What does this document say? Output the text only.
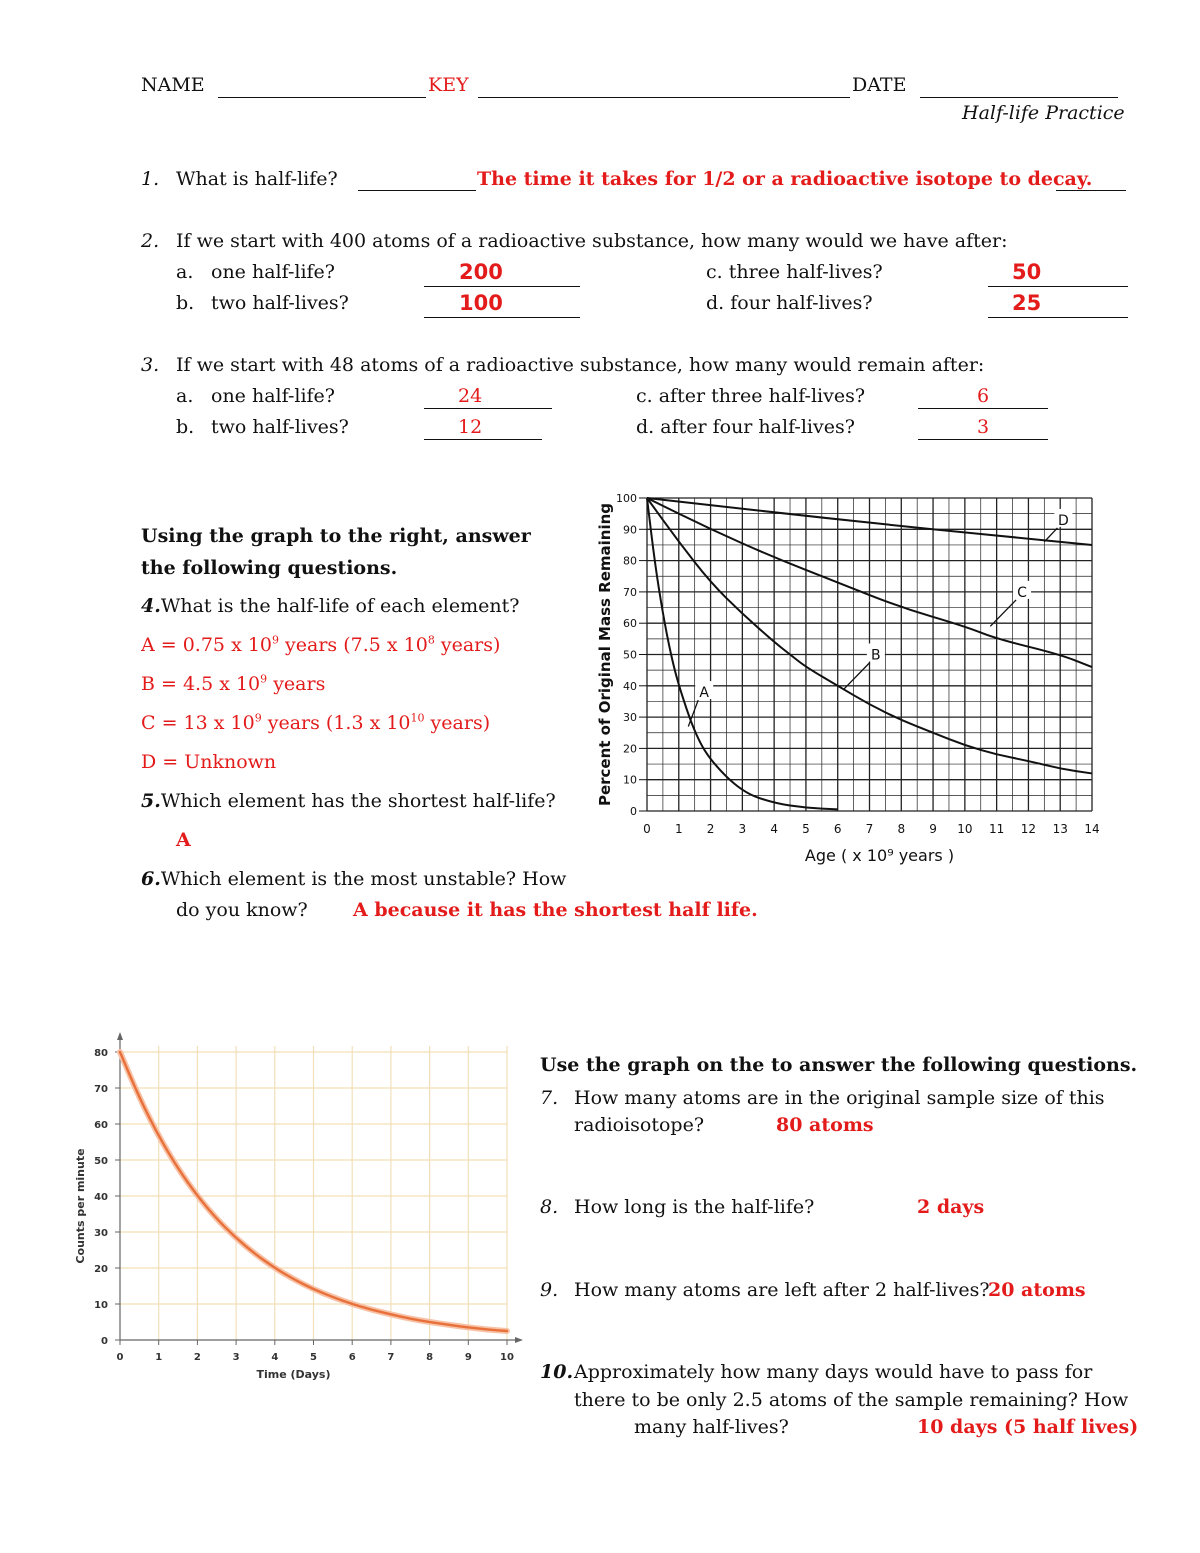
NAME	KEY	DATE
Half-life Practice
1. What is half-life?	The time it takes for 1/2 or a radioactive isotope to decay.
2. If we start with 400 atoms of a radioactive substance, how many would we have after:
a. one half-life?	200	c. three half-lives?	50
b. two half-lives?	100	d. four half-lives?	25
3. If we start with 48 atoms of a radioactive substance, how many would remain after:
a. one half-life?	24	c. after three half-lives?	6
b. two half-lives?	12	d. after four half-lives?	3
Using the graph to the right, answer
the following questions.
4.What is the half-life of each element?
A = 0.75 x $10^9$ years (7.5 x $10^8$ years)
B = 4.5 x $10^9$ years
C = 13 x $10^9$ years (1.3 x $10^{10}$ years)
D = Unknown
5.Which element has the shortest half-life?
A
6.Which element is the most unstable? How
do you know? A because it has the shortest half life.
0 1 2 3 4 5 6 7 8 9 10 11 12 13 14
0
10
20
30
40
50
60
70
80
90
100
Age ( x 10⁹ years )
Percent of Original Mass Remaining	A
B
C
D
0	1	2	3	4	5	6	7	8	9	10
0
10
20
30
40
50
60
70
80
Time (Days)
Counts per minute
Use the graph on the to answer the following questions.
7. How many atoms are in the original sample size of this
radioisotope?	80 atoms
8. How long is the half-life?	2 days
9. How many atoms are left after 2 half-lives?
20 atoms
10. Approximately how many days would have to pass for
there to be only 2.5 atoms of the sample remaining? How
many half-lives?	10 days (5 half lives)
